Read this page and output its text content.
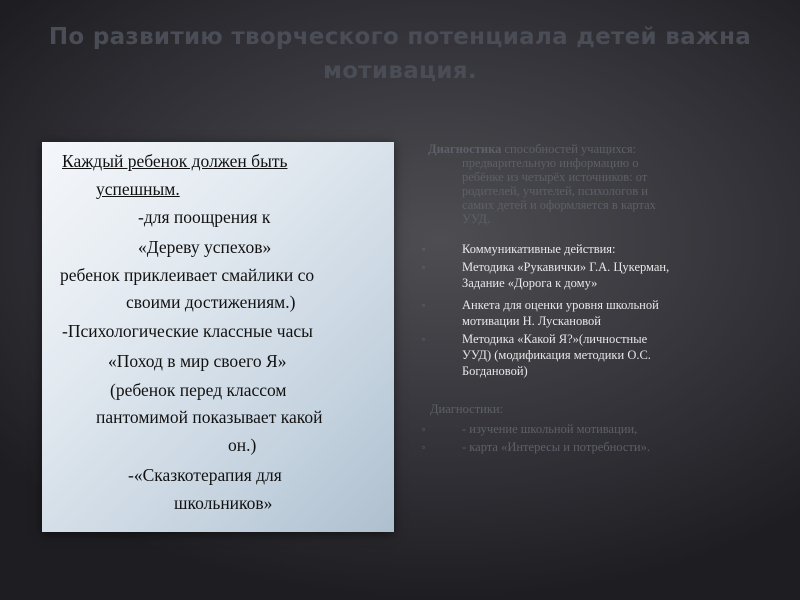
По развитию творческого потенциала детей важна
мотивация.
Каждый ребенок должен быть
успешным.
-для поощрения к
«Дереву успехов»
ребенок приклеивает смайлики со
своими достижениям.)
-Психологические классные часы
«Поход в мир своего Я»
(ребенок перед классом
пантомимой показывает какой
он.)
-«Сказкотерапия для
школьников»
Диагностика способностей учащихся:
предварительную информацию о
ребёнке из четырёх источников: от
родителей, учителей, психологов и
самих детей и оформляется в картах
УУД.
▫	Коммуникативные действия:
▫	Методика «Рукавички» Г.А. Цукерман,
Задание «Дорога к дому»
▫	Анкета для оценки уровня школьной
мотивации Н. Лускановой
▫	Методика «Какой Я?»(личностные
УУД) (модификация методики О.С.
Богдановой)
Диагностики:
▫	- изучение школьной мотивации,
▫	- карта «Интересы и потребности».
